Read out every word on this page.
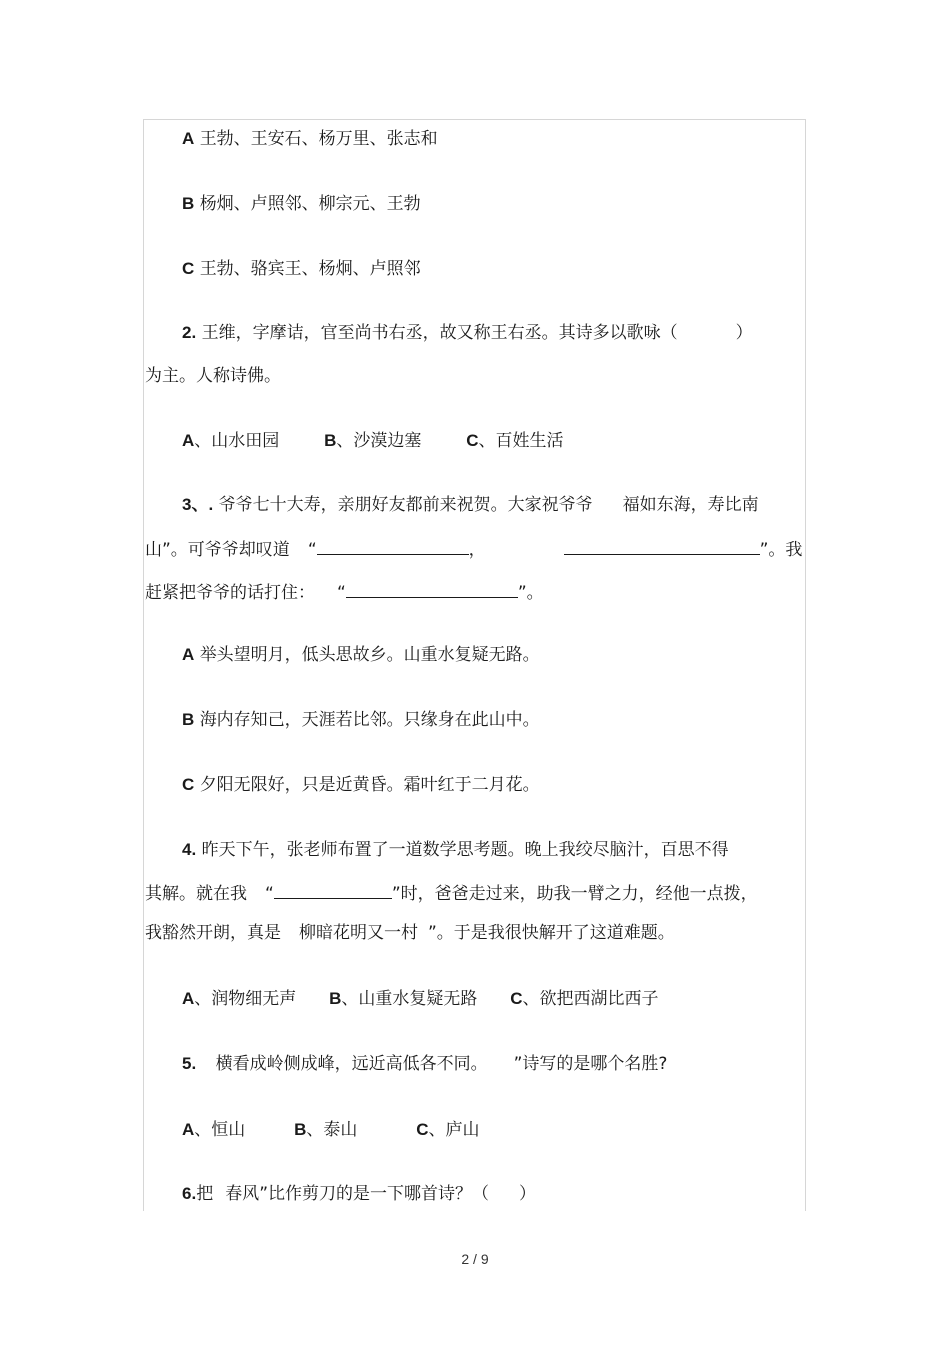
A 王勃、王安石、杨万里、张志和
B 杨炯、卢照邻、柳宗元、王勃
C 王勃、骆宾王、杨炯、卢照邻
2. 王维，字摩诘，官至尚书右丞，故又称王右丞。其诗多以歌咏（	）
为主。人称诗佛。
A、山水田园	B、沙漠边塞	C、百姓生活
3、. 爷爷七十大寿，亲朋好友都前来祝贺。大家祝爷爷 福如东海，寿比南
山”。可爷爷却叹道 “	，	”。我
赶紧把爷爷的话打住： “	”。
A 举头望明月，低头思故乡。山重水复疑无路。
B 海内存知己，天涯若比邻。只缘身在此山中。
C 夕阳无限好，只是近黄昏。霜叶红于二月花。
4. 昨天下午，张老师布置了一道数学思考题。晚上我绞尽脑汁，百思不得
其解。就在我 “	”时，爸爸走过来，助我一臂之力，经他一点拨，
我豁然开朗，真是 柳暗花明又一村 ”。于是我很快解开了这道难题。
A、润物细无声 B、山重水复疑无路 C、欲把西湖比西子
5. 横看成岭侧成峰，远近高低各不同。 ”诗写的是哪个名胜?
A、恒山	B、泰山	C、庐山
6.把 春风”比作剪刀的是一下哪首诗？（ ）
2 / 9
